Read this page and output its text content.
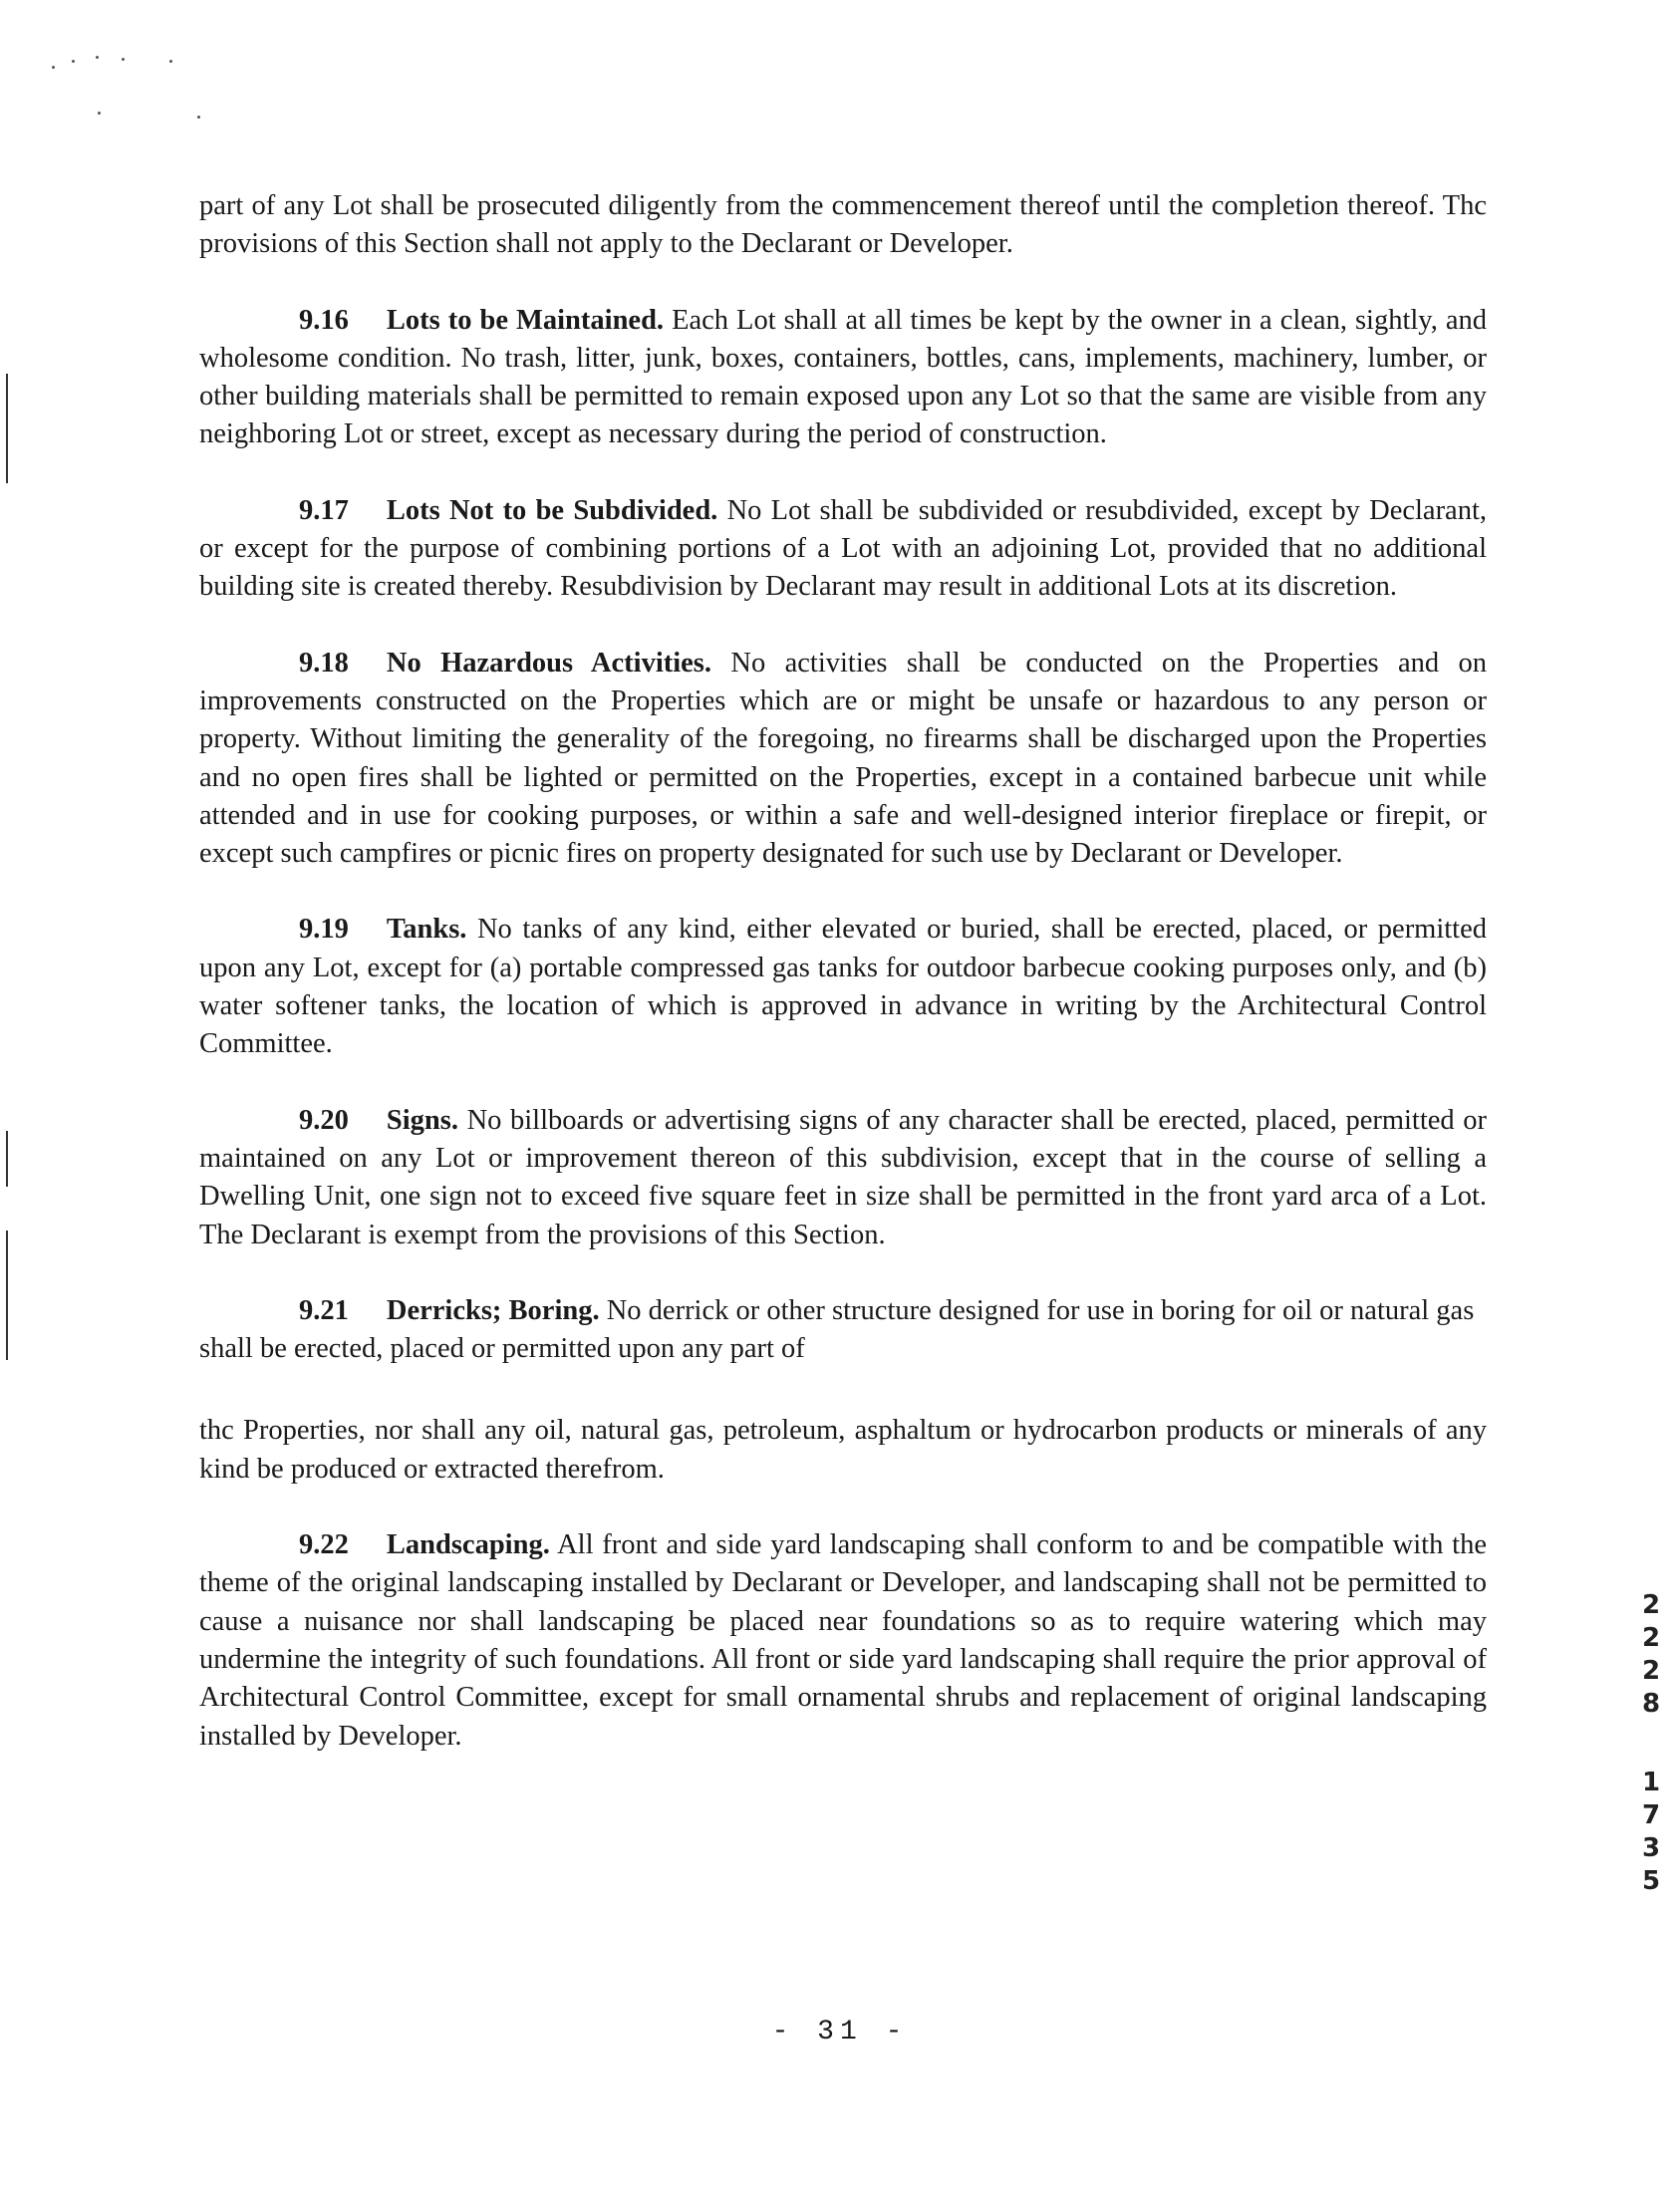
part of any Lot shall be prosecuted diligently from the commencement thereof until the completion thereof. Thc provisions of this Section shall not apply to the Declarant or Developer.

9.16 Lots to be Maintained. Each Lot shall at all times be kept by the owner in a clean, sightly, and wholesome condition. No trash, litter, junk, boxes, containers, bottles, cans, implements, machinery, lumber, or other building materials shall be permitted to remain exposed upon any Lot so that the same are visible from any neighboring Lot or street, except as necessary during the period of construction.

9.17 Lots Not to be Subdivided. No Lot shall be subdivided or resubdivided, except by Declarant, or except for the purpose of combining portions of a Lot with an adjoining Lot, provided that no additional building site is created thereby. Resubdivision by Declarant may result in additional Lots at its discretion.

9.18 No Hazardous Activities. No activities shall be conducted on the Properties and on improvements constructed on the Properties which are or might be unsafe or hazardous to any person or property. Without limiting the generality of the foregoing, no firearms shall be discharged upon the Properties and no open fires shall be lighted or permitted on the Properties, except in a contained barbecue unit while attended and in use for cooking purposes, or within a safe and well-designed interior fireplace or firepit, or except such campfires or picnic fires on property designated for such use by Declarant or Developer.

9.19 Tanks. No tanks of any kind, either elevated or buried, shall be erected, placed, or permitted upon any Lot, except for (a) portable compressed gas tanks for outdoor barbecue cooking purposes only, and (b) water softener tanks, the location of which is approved in advance in writing by the Architectural Control Committee.

9.20 Signs. No billboards or advertising signs of any character shall be erected, placed, permitted or maintained on any Lot or improvement thereon of this subdivision, except that in the course of selling a Dwelling Unit, one sign not to exceed five square feet in size shall be permitted in the front yard arca of a Lot. The Declarant is exempt from the provisions of this Section.

9.21 Derricks; Boring. No derrick or other structure designed for use in boring for oil or natural gas shall be erected, placed or permitted upon any part of

thc Properties, nor shall any oil, natural gas, petroleum, asphaltum or hydrocarbon products or minerals of any kind be produced or extracted therefrom.

9.22 Landscaping. All front and side yard landscaping shall conform to and be compatible with the theme of the original landscaping installed by Declarant or Developer, and landscaping shall not be permitted to cause a nuisance nor shall landscaping be placed near foundations so as to require watering which may undermine the integrity of such foundations. All front or side yard landscaping shall require the prior approval of Architectural Control Committee, except for small ornamental shrubs and replacement of original landscaping installed by Developer.

2
2
2
8
1
7
3
5
- 31 -
